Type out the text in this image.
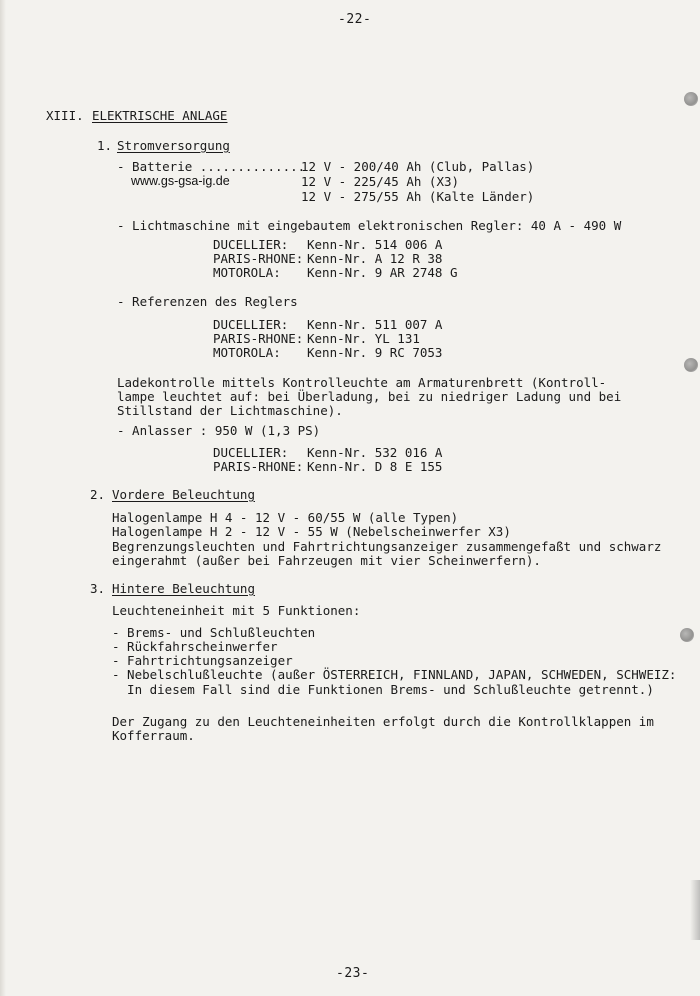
-22-
XIII. ELEKTRISCHE ANLAGE
1. Stromversorgung
- Batterie ..............
12 V - 200/40 Ah (Club, Pallas)
www.gs-gsa-ig.de	12 V - 225/45 Ah (X3)
12 V - 275/55 Ah (Kalte Länder)
- Lichtmaschine mit eingebautem elektronischen Regler: 40 A - 490 W
DUCELLIER: Kenn-Nr. 514 006 A
PARIS-RHONE: Kenn-Nr. A 12 R 38
MOTOROLA: Kenn-Nr. 9 AR 2748 G
- Referenzen des Reglers
DUCELLIER: Kenn-Nr. 511 007 A
PARIS-RHONE: Kenn-Nr. YL 131
MOTOROLA: Kenn-Nr. 9 RC 7053
Ladekontrolle mittels Kontrolleuchte am Armaturenbrett (Kontroll-
lampe leuchtet auf: bei Überladung, bei zu niedriger Ladung und bei
Stillstand der Lichtmaschine).
- Anlasser : 950 W (1,3 PS)
DUCELLIER: Kenn-Nr. 532 016 A
PARIS-RHONE: Kenn-Nr. D 8 E 155
2. Vordere Beleuchtung
Halogenlampe H 4 - 12 V - 60/55 W (alle Typen)
Halogenlampe H 2 - 12 V - 55 W (Nebelscheinwerfer X3)
Begrenzungsleuchten und Fahrtrichtungsanzeiger zusammengefaßt und schwarz
eingerahmt (außer bei Fahrzeugen mit vier Scheinwerfern).
3. Hintere Beleuchtung
Leuchteneinheit mit 5 Funktionen:
- Brems- und Schlußleuchten
- Rückfahrscheinwerfer
- Fahrtrichtungsanzeiger
- Nebelschlußleuchte (außer ÖSTERREICH, FINNLAND, JAPAN, SCHWEDEN, SCHWEIZ:
In diesem Fall sind die Funktionen Brems- und Schlußleuchte getrennt.)
Der Zugang zu den Leuchteneinheiten erfolgt durch die Kontrollklappen im
Kofferraum.
-23-
